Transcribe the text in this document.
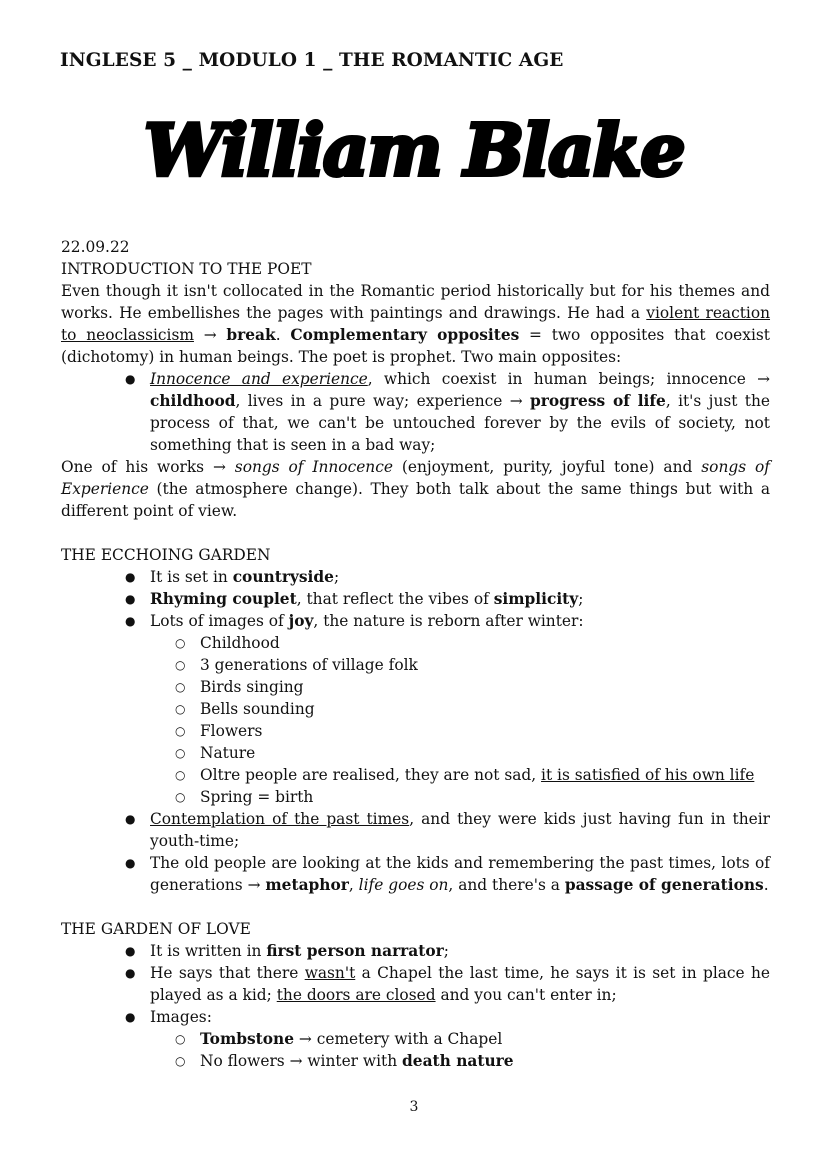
INGLESE 5 _ MODULO 1 _ THE ROMANTIC AGE
William Blake

22.09.22

INTRODUCTION TO THE POET

Even though it isn't collocated in the Romantic period historically but for his themes and works. He embellishes the pages with paintings and drawings. He had a violent reaction to neoclassicism → break. Complementary opposites = two opposites that coexist (dichotomy) in human beings. The poet is prophet. Two main opposites:

● Innocence and experience, which coexist in human beings; innocence → childhood, lives in a pure way; experience → progress of life, it's just the process of that, we can't be untouched forever by the evils of society, not something that is seen in a bad way;

One of his works → songs of Innocence (enjoyment, purity, joyful tone) and songs of Experience (the atmosphere change). They both talk about the same things but with a different point of view.

THE ECCHOING GARDEN

● It is set in countryside;
● Rhyming couplet, that reflect the vibes of simplicity;
● Lots of images of joy, the nature is reborn after winter:
○ Childhood
○ 3 generations of village folk
○ Birds singing
○ Bells sounding
○ Flowers
○ Nature
○ Oltre people are realised, they are not sad, it is satisfied of his own life
○ Spring = birth
● Contemplation of the past times, and they were kids just having fun in their youth-time;
● The old people are looking at the kids and remembering the past times, lots of generations → metaphor, life goes on, and there's a passage of generations.

THE GARDEN OF LOVE

● It is written in first person narrator;
● He says that there wasn't a Chapel the last time, he says it is set in place he played as a kid; the doors are closed and you can't enter in;
● Images:
○ Tombstone → cemetery with a Chapel
○ No flowers → winter with death nature
3
